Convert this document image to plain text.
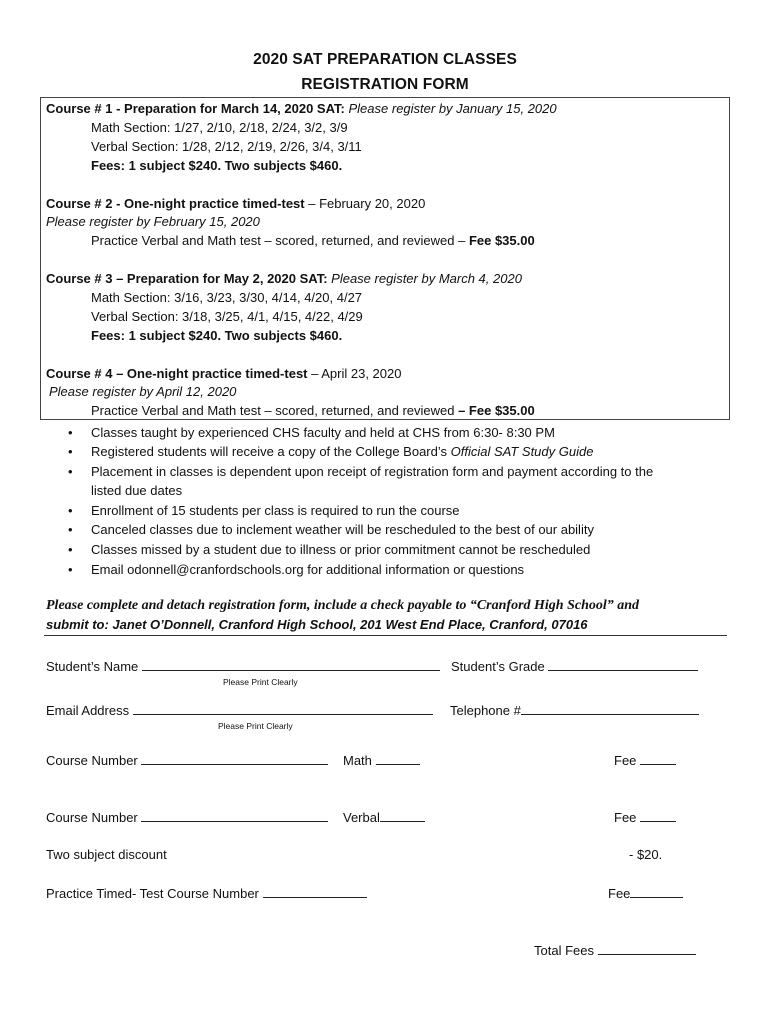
2020 SAT PREPARATION CLASSES
REGISTRATION FORM
Course # 1 - Preparation for March 14, 2020 SAT: Please register by January 15, 2020
Math Section: 1/27, 2/10, 2/18, 2/24, 3/2, 3/9
Verbal Section: 1/28, 2/12, 2/19, 2/26, 3/4, 3/11
Fees: 1 subject $240. Two subjects $460.
Course # 2 - One-night practice timed-test – February 20, 2020
Please register by February 15, 2020
Practice Verbal and Math test – scored, returned, and reviewed – Fee $35.00
Course # 3 – Preparation for May 2, 2020 SAT: Please register by March 4, 2020
Math Section: 3/16, 3/23, 3/30, 4/14, 4/20, 4/27
Verbal Section: 3/18, 3/25, 4/1, 4/15, 4/22, 4/29
Fees: 1 subject $240. Two subjects $460.
Course # 4 – One-night practice timed-test – April 23, 2020
Please register by April 12, 2020
Practice Verbal and Math test – scored, returned, and reviewed – Fee $35.00
•	Classes taught by experienced CHS faculty and held at CHS from 6:30- 8:30 PM
•	Registered students will receive a copy of the College Board’s Official SAT Study Guide
•	Placement in classes is dependent upon receipt of registration form and payment according to the
listed due dates
•	Enrollment of 15 students per class is required to run the course
•	Canceled classes due to inclement weather will be rescheduled to the best of our ability
•	Classes missed by a student due to illness or prior commitment cannot be rescheduled
•	Email odonnell@cranfordschools.org for additional information or questions
Please complete and detach registration form, include a check payable to “Cranford High School” and
submit to: Janet O’Donnell, Cranford High School, 201 West End Place, Cranford, 07016
Student’s Name	Student’s Grade
Please Print Clearly
Email Address	Telephone #
Please Print Clearly
Course Number	Math	Fee
Course Number	Verbal	Fee
Two subject discount	- $20.
Practice Timed- Test Course Number	Fee
Total Fees
